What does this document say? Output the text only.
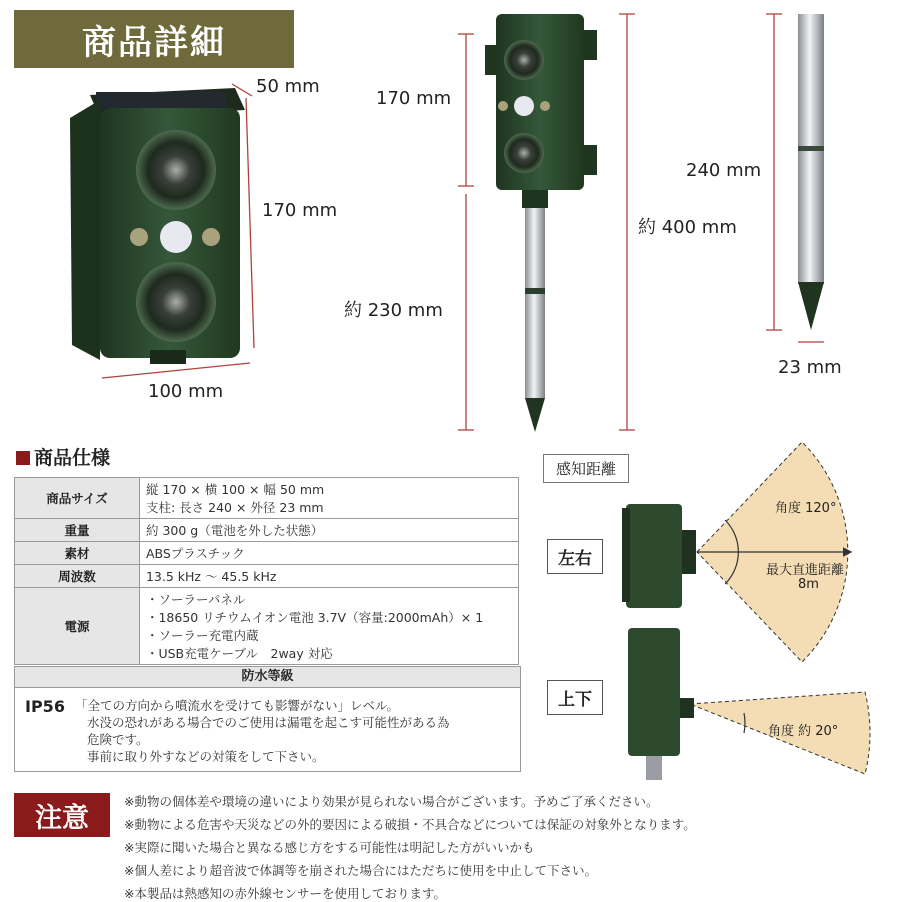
商品詳細
50 mm
170 mm
100 mm
170 mm
約 230 mm
約 400 mm
240 mm
23 mm
商品仕様
商品サイズ	縦 170 × 横 100 × 幅 50 mm
支柱: 長さ 240 × 外径 23 mm

重量	約 300 g（電池を外した状態）
素材	ABSプラスチック
周波数	13.5 kHz ～ 45.5 kHz
電源	・ソーラーパネル
・18650 リチウムイオン電池 3.7V（容量:2000mAh）× 1
・ソーラー充電内蔵
・USB充電ケーブル　2way 対応
防水等級
IP56 「全ての方向から噴流水を受けても影響がない」レベル。
水没の恐れがある場合でのご使用は漏電を起こす可能性がある為
危険です。
事前に取り外すなどの対策をして下さい。
感知距離
左右
角度 120°
最大直進距離
8m
上下
角度 約 20°
注意
※動物の個体差や環境の違いにより効果が見られない場合がございます。予めご了承ください。
※動物による危害や天災などの外的要因による破損・不具合などについては保証の対象外となります。
※実際に聞いた場合と異なる感じ方をする可能性は明記した方がいいかも
※個人差により超音波で体調等を崩された場合にはただちに使用を中止して下さい。
※本製品は熱感知の赤外線センサーを使用しております。
